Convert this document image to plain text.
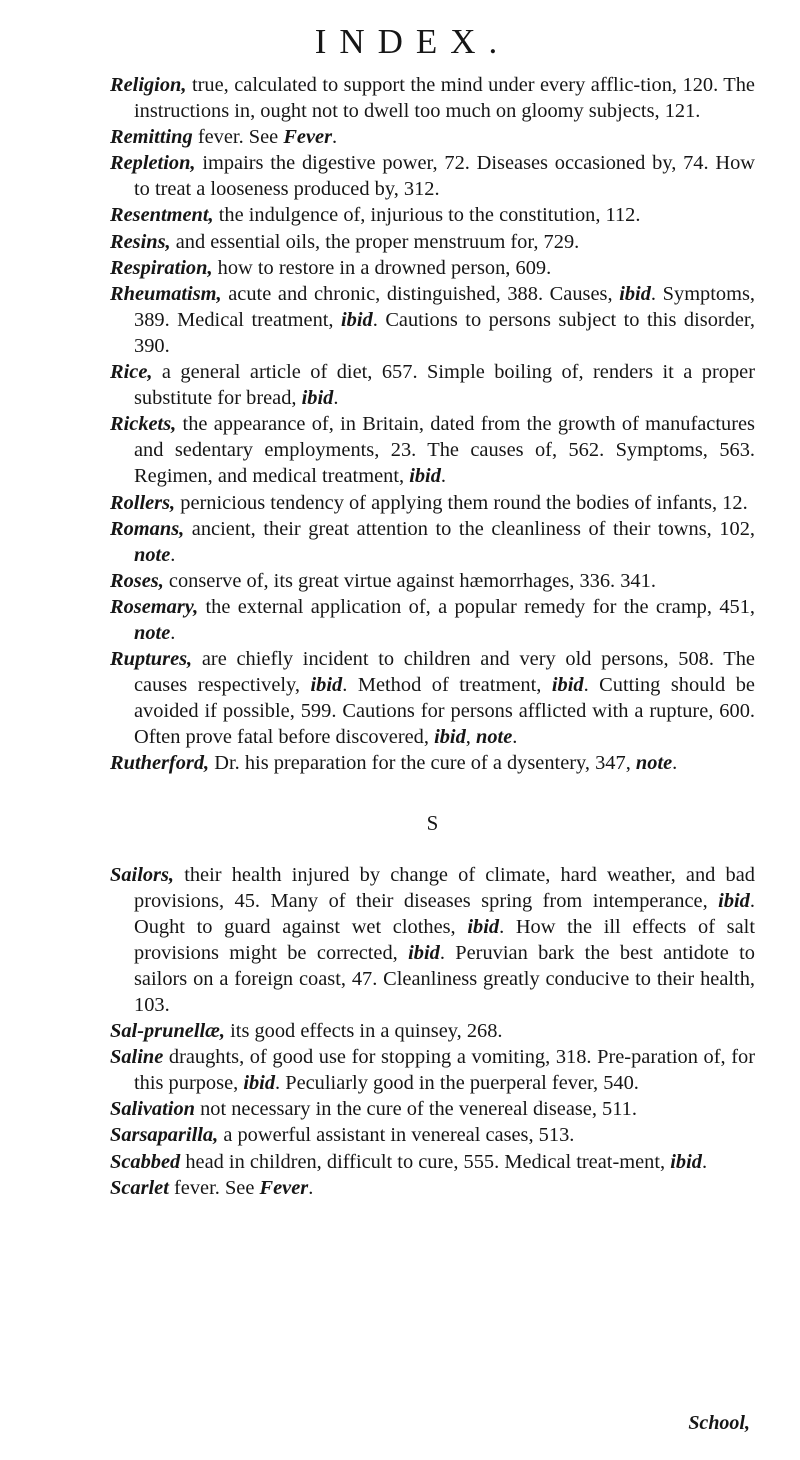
INDEX.
Religion, true, calculated to support the mind under every afflic-tion, 120. The instructions in, ought not to dwell too much on gloomy subjects, 121.
Remitting fever. See Fever.
Repletion, impairs the digestive power, 72. Diseases occasioned by, 74. How to treat a looseness produced by, 312.
Resentment, the indulgence of, injurious to the constitution, 112.
Resins, and essential oils, the proper menstruum for, 729.
Respiration, how to restore in a drowned person, 609.
Rheumatism, acute and chronic, distinguished, 388. Causes, ibid. Symptoms, 389. Medical treatment, ibid. Cautions to persons subject to this disorder, 390.
Rice, a general article of diet, 657. Simple boiling of, renders it a proper substitute for bread, ibid.
Rickets, the appearance of, in Britain, dated from the growth of manufactures and sedentary employments, 23. The causes of, 562. Symptoms, 563. Regimen, and medical treatment, ibid.
Rollers, pernicious tendency of applying them round the bodies of infants, 12.
Romans, ancient, their great attention to the cleanliness of their towns, 102, note.
Roses, conserve of, its great virtue against hæmorrhages, 336. 341.
Rosemary, the external application of, a popular remedy for the cramp, 451, note.
Ruptures, are chiefly incident to children and very old persons, 508. The causes respectively, ibid. Method of treatment, ibid. Cutting should be avoided if possible, 599. Cautions for persons afflicted with a rupture, 600. Often prove fatal before discovered, ibid, note.
Rutherford, Dr. his preparation for the cure of a dysentery, 347, note.
S
Sailors, their health injured by change of climate, hard weather, and bad provisions, 45. Many of their diseases spring from intemperance, ibid. Ought to guard against wet clothes, ibid. How the ill effects of salt provisions might be corrected, ibid. Peruvian bark the best antidote to sailors on a foreign coast, 47. Cleanliness greatly conducive to their health, 103.
Sal-prunellæ, its good effects in a quinsey, 268.
Saline draughts, of good use for stopping a vomiting, 318. Pre-paration of, for this purpose, ibid. Peculiarly good in the puerperal fever, 540.
Salivation not necessary in the cure of the venereal disease, 511.
Sarsaparilla, a powerful assistant in venereal cases, 513.
Scabbed head in children, difficult to cure, 555. Medical treat-ment, ibid.
Scarlet fever. See Fever.
School,
